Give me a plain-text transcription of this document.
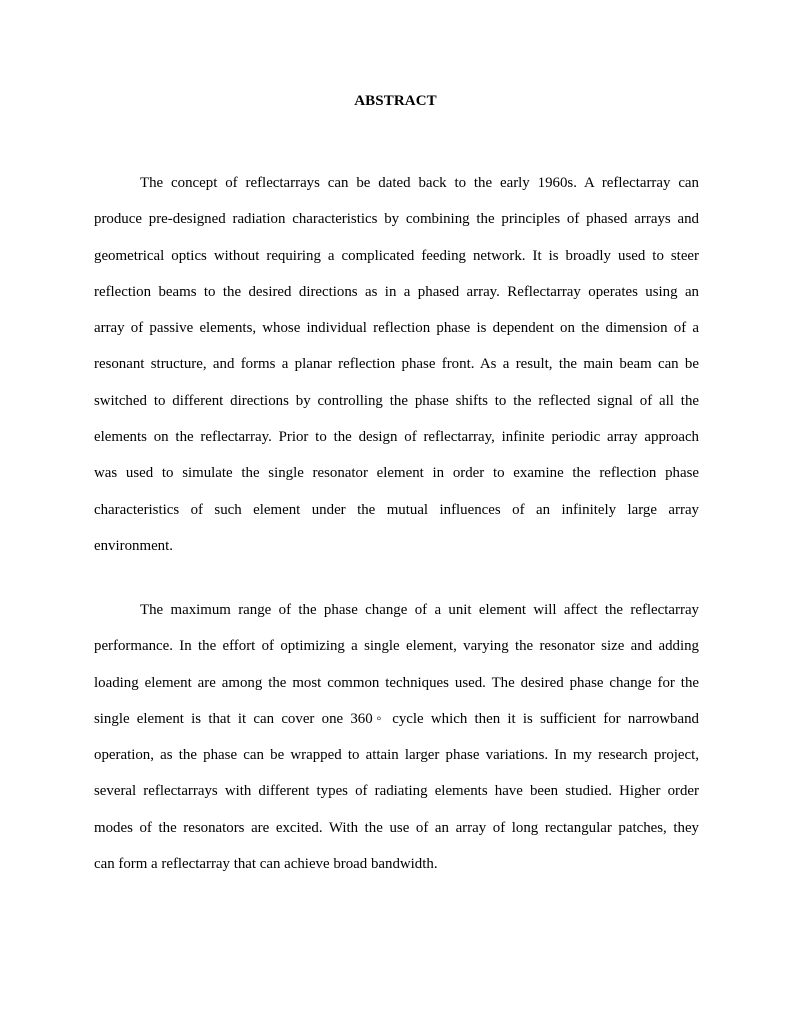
ABSTRACT
The concept of reflectarrays can be dated back to the early 1960s. A reflectarray can
produce pre-designed radiation characteristics by combining the principles of phased arrays and
geometrical optics without requiring a complicated feeding network. It is broadly used to steer
reflection beams to the desired directions as in a phased array. Reflectarray operates using an
array of passive elements, whose individual reflection phase is dependent on the dimension of a
resonant structure, and forms a planar reflection phase front. As a result, the main beam can be
switched to different directions by controlling the phase shifts to the reflected signal of all the
elements on the reflectarray. Prior to the design of reflectarray, infinite periodic array approach
was used to simulate the single resonator element in order to examine the reflection phase
characteristics of such element under the mutual influences of an infinitely large array
environment.
The maximum range of the phase change of a unit element will affect the reflectarray
performance. In the effort of optimizing a single element, varying the resonator size and adding
loading element are among the most common techniques used. The desired phase change for the
single element is that it can cover one 360◦ cycle which then it is sufficient for narrowband
operation, as the phase can be wrapped to attain larger phase variations. In my research project,
several reflectarrays with different types of radiating elements have been studied. Higher order
modes of the resonators are excited. With the use of an array of long rectangular patches, they
can form a reflectarray that can achieve broad bandwidth.
